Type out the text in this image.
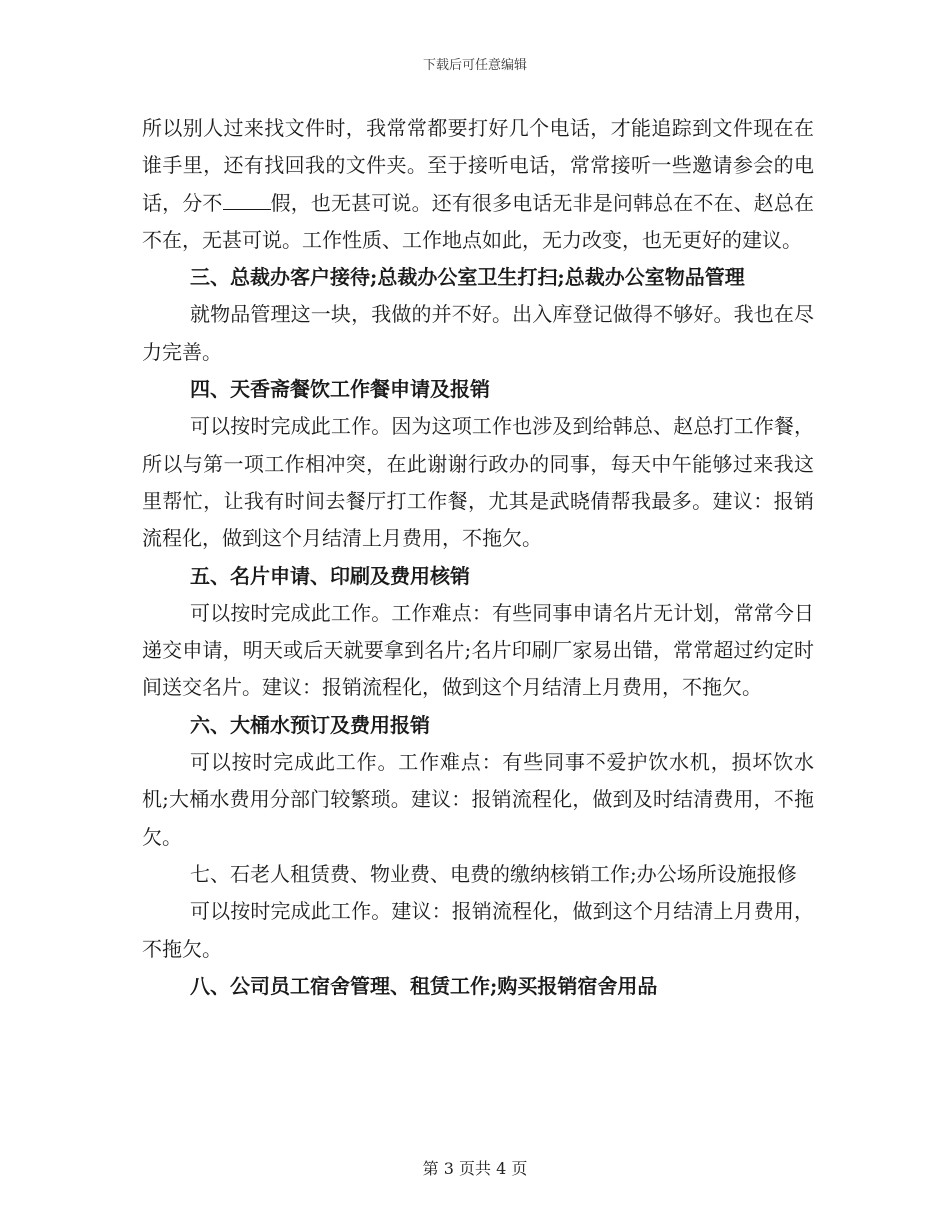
下载后可任意编辑

所以别人过来找文件时，我常常都要打好几个电话，才能追踪到文件现在在谁手里，还有找回我的文件夹。至于接听电话，常常接听一些邀请参会的电话，分不 假，也无甚可说。还有很多电话无非是问韩总在不在、赵总在不在，无甚可说。工作性质、工作地点如此，无力改变，也无更好的建议。

三、总裁办客户接待;总裁办公室卫生打扫;总裁办公室物品管理

就物品管理这一块，我做的并不好。出入库登记做得不够好。我也在尽力完善。

四、天香斋餐饮工作餐申请及报销

可以按时完成此工作。因为这项工作也涉及到给韩总、赵总打工作餐，所以与第一项工作相冲突，在此谢谢行政办的同事，每天中午能够过来我这里帮忙，让我有时间去餐厅打工作餐，尤其是武晓倩帮我最多。建议：报销流程化，做到这个月结清上月费用，不拖欠。

五、名片申请、印刷及费用核销

可以按时完成此工作。工作难点：有些同事申请名片无计划，常常今日递交申请，明天或后天就要拿到名片;名片印刷厂家易出错，常常超过约定时间送交名片。建议：报销流程化，做到这个月结清上月费用，不拖欠。

六、大桶水预订及费用报销

可以按时完成此工作。工作难点：有些同事不爱护饮水机，损坏饮水机;大桶水费用分部门较繁琐。建议：报销流程化，做到及时结清费用，不拖欠。

七、石老人租赁费、物业费、电费的缴纳核销工作;办公场所设施报修

可以按时完成此工作。建议：报销流程化，做到这个月结清上月费用，不拖欠。

八、公司员工宿舍管理、租赁工作;购买报销宿舍用品

第 3 页共 4 页
